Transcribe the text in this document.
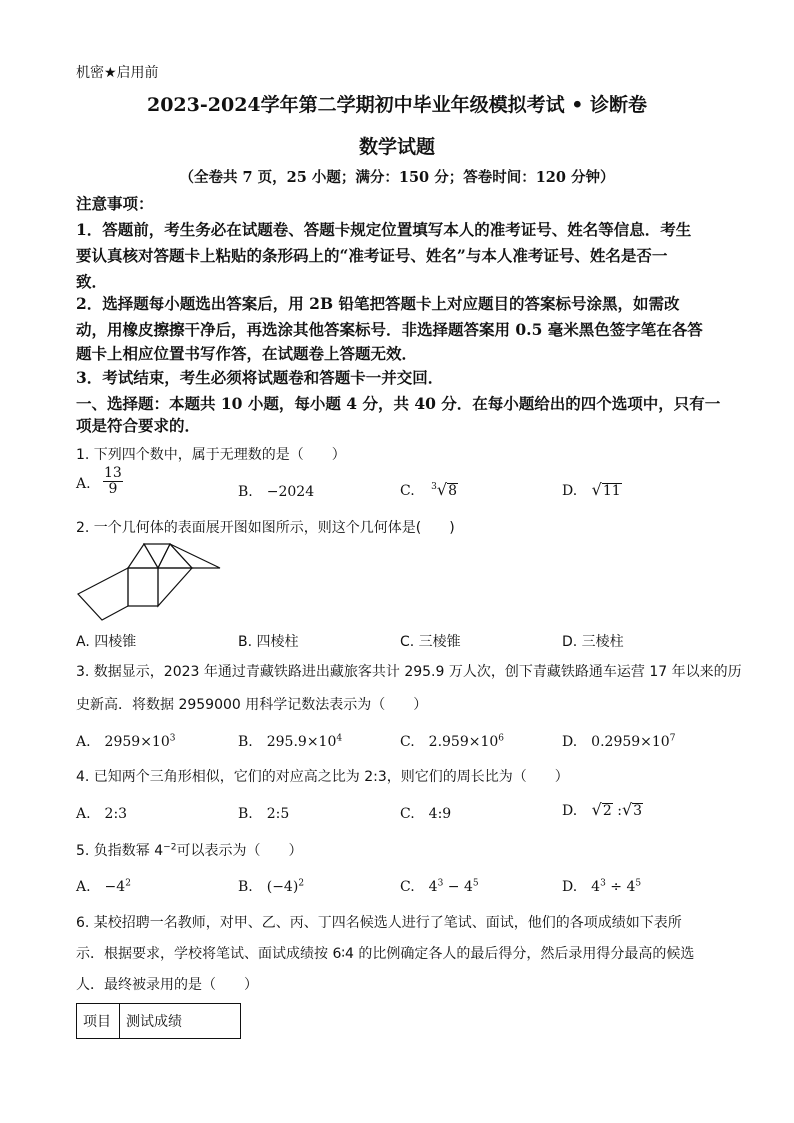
机密★启用前
2023-2024学年第二学期初中毕业年级模拟考试 • 诊断卷
数学试题
（全卷共 7 页，25 小题；满分：150 分；答卷时间：120 分钟）
注意事项：
1．答题前，考生务必在试题卷、答题卡规定位置填写本人的准考证号、姓名等信息．考生
要认真核对答题卡上粘贴的条形码上的“准考证号、姓名”与本人准考证号、姓名是否一
致．
2．选择题每小题选出答案后，用 2B 铅笔把答题卡上对应题目的答案标号涂黑，如需改
动，用橡皮擦擦干净后，再选涂其他答案标号．非选择题答案用 0.5 毫米黑色签字笔在各答
题卡上相应位置书写作答，在试题卷上答题无效．
3．考试结束，考生必须将试题卷和答题卡一并交回．
一、选择题：本题共 10 小题，每小题 4 分，共 40 分．在每小题给出的四个选项中，只有一
项是符合要求的．
1. 下列四个数中，属于无理数的是（　　）
A. $\frac{13}{9}$	B.　−2024	C. $^3$√8	D. √11
2. 一个几何体的表面展开图如图所示，则这个几何体是(　　)
A. 四棱锥	B. 四棱柱	C. 三棱锥	D. 三棱柱
3. 数据显示，2023 年通过青藏铁路进出藏旅客共计 295.9 万人次，创下青藏铁路通车运营 17 年以来的历
史新高．将数据 2959000 用科学记数法表示为（　　）
A.　$2959\times 10^3$	B.　$295.9\times 10^4$	C.　$2.959\times 10^6$	D.　$0.2959\times 10^7$
4. 已知两个三角形相似，它们的对应高之比为 2:3，则它们的周长比为（　　）
A.　2:3	B.　2:5	C.　4:9	D. √2 :√3
5. 负指数幂 $4^{-2}$可以表示为（　　）
A.　$-4^2$	B.　$(-4)^2$	C.　$4^3 - 4^5$	D.　$4^3 \div 4^5$
6. 某校招聘一名教师，对甲、乙、丙、丁四名候选人进行了笔试、面试，他们的各项成绩如下表所
示．根据要求，学校将笔试、面试成绩按 6∶4 的比例确定各人的最后得分，然后录用得分最高的候选
人．最终被录用的是（　　）
项目	测试成绩
